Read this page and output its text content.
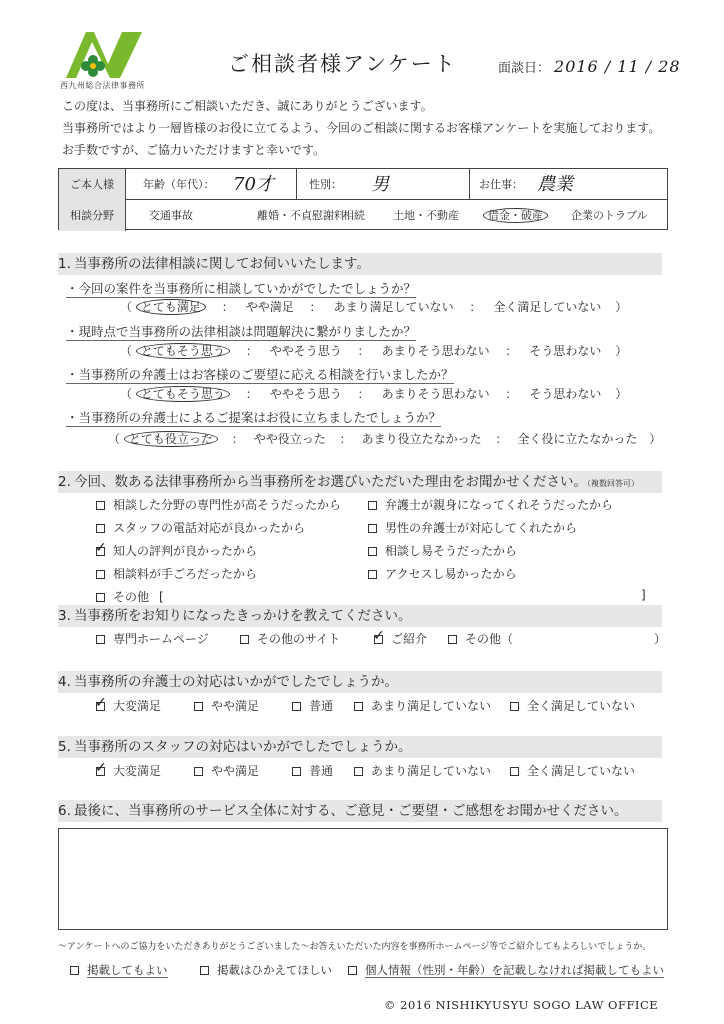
西九州総合法律事務所
ご相談者様アンケート	面談日： 2016 / 11 / 28
この度は、当事務所にご相談いただき、誠にありがとうございます。
当事務所ではより一層皆様のお役に立てるよう、今回のご相談に関するお客様アンケートを実施しております。
お手数ですが、ご協力いただけますと幸いです。
ご本人様	年齢（年代）： 70才	性別： 男	お仕事： 農業
相談分野	交通事故	離婚・不貞慰謝料
相続	土地・不動産	借金・破産	企業のトラブル
1. 当事務所の法律相談に関してお伺いいたします。
・今回の案件を当事務所に相談していかがでしたでしょうか？
（ とても満足 ： やや満足 ： あまり満足していない ： 全く満足していない ）
・現時点で当事務所の法律相談は問題解決に繋がりましたか？
（ とてもそう思う ： ややそう思う ： あまりそう思わない ： そう思わない ）
・当事務所の弁護士はお客様のご要望に応える相談を行いましたか？
（ とてもそう思う ： ややそう思う ： あまりそう思わない ： そう思わない ）
・当事務所の弁護士によるご提案はお役に立ちましたでしょうか？
（ とても役立った ： やや役立った ： あまり役立たなかった ： 全く役に立たなかった ）
2. 今回、数ある法律事務所から当事務所をお選びいただいた理由をお聞かせください。（複数回答可）
相談した分野の専門性が高そうだったから
スタッフの電話対応が良かったから
✓知人の評判が良かったから
相談料が手ごろだったから
その他 [	]
弁護士が親身になってくれそうだったから
男性の弁護士が対応してくれたから
相談し易そうだったから
アクセスし易かったから
3. 当事務所をお知りになったきっかけを教えてください。
専門ホームページ	その他のサイト
✓	ご紹介	その他（	）
4. 当事務所の弁護士の対応はいかがでしたでしょうか。
✓大変満足	やや満足	普通	あまり満足していない	全く満足していない
5. 当事務所のスタッフの対応はいかがでしたでしょうか。
✓大変満足	やや満足	普通	あまり満足していない	全く満足していない
6. 最後に、当事務所のサービス全体に対する、ご意見・ご要望・ご感想をお聞かせください。
〜アンケートへのご協力をいただきありがとうございました〜お答えいただいた内容を事務所ホームページ等でご紹介してもよろしいでしょうか。
掲載してもよい	掲載はひかえてほしい	個人情報（性別・年齢）を記載しなければ掲載してもよい
© 2016 NISHIKYUSYU SOGO LAW OFFICE
